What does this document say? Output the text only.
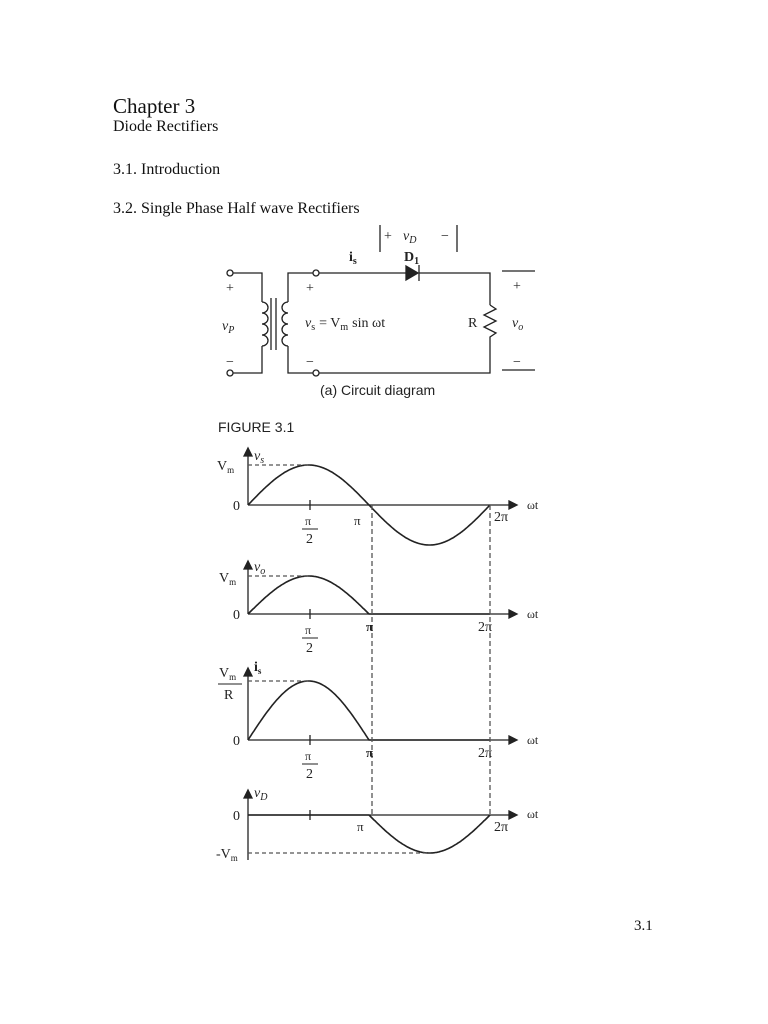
Chapter 3

Diode Rectifiers

3.1. Introduction

3.2. Single Phase Half wave Rectifiers

3.1

+ $v_D$ −
$i_s$	$D_1$
+
−
$v_P$
+
−
$v_s = V_m$ sin ωt	R $v_o$
+
−
(a) Circuit diagram
FIGURE 3.1
$V_m$
$v_s$
0	ωt
π
2
π	2π
$V_m$
$v_o$
0	ωt
π
2
π	2π
$V_m$
R
$i_s$
0	ωt
π
2
π	2π
$v_D$
0
$-V_m$
ωt
π	2π
